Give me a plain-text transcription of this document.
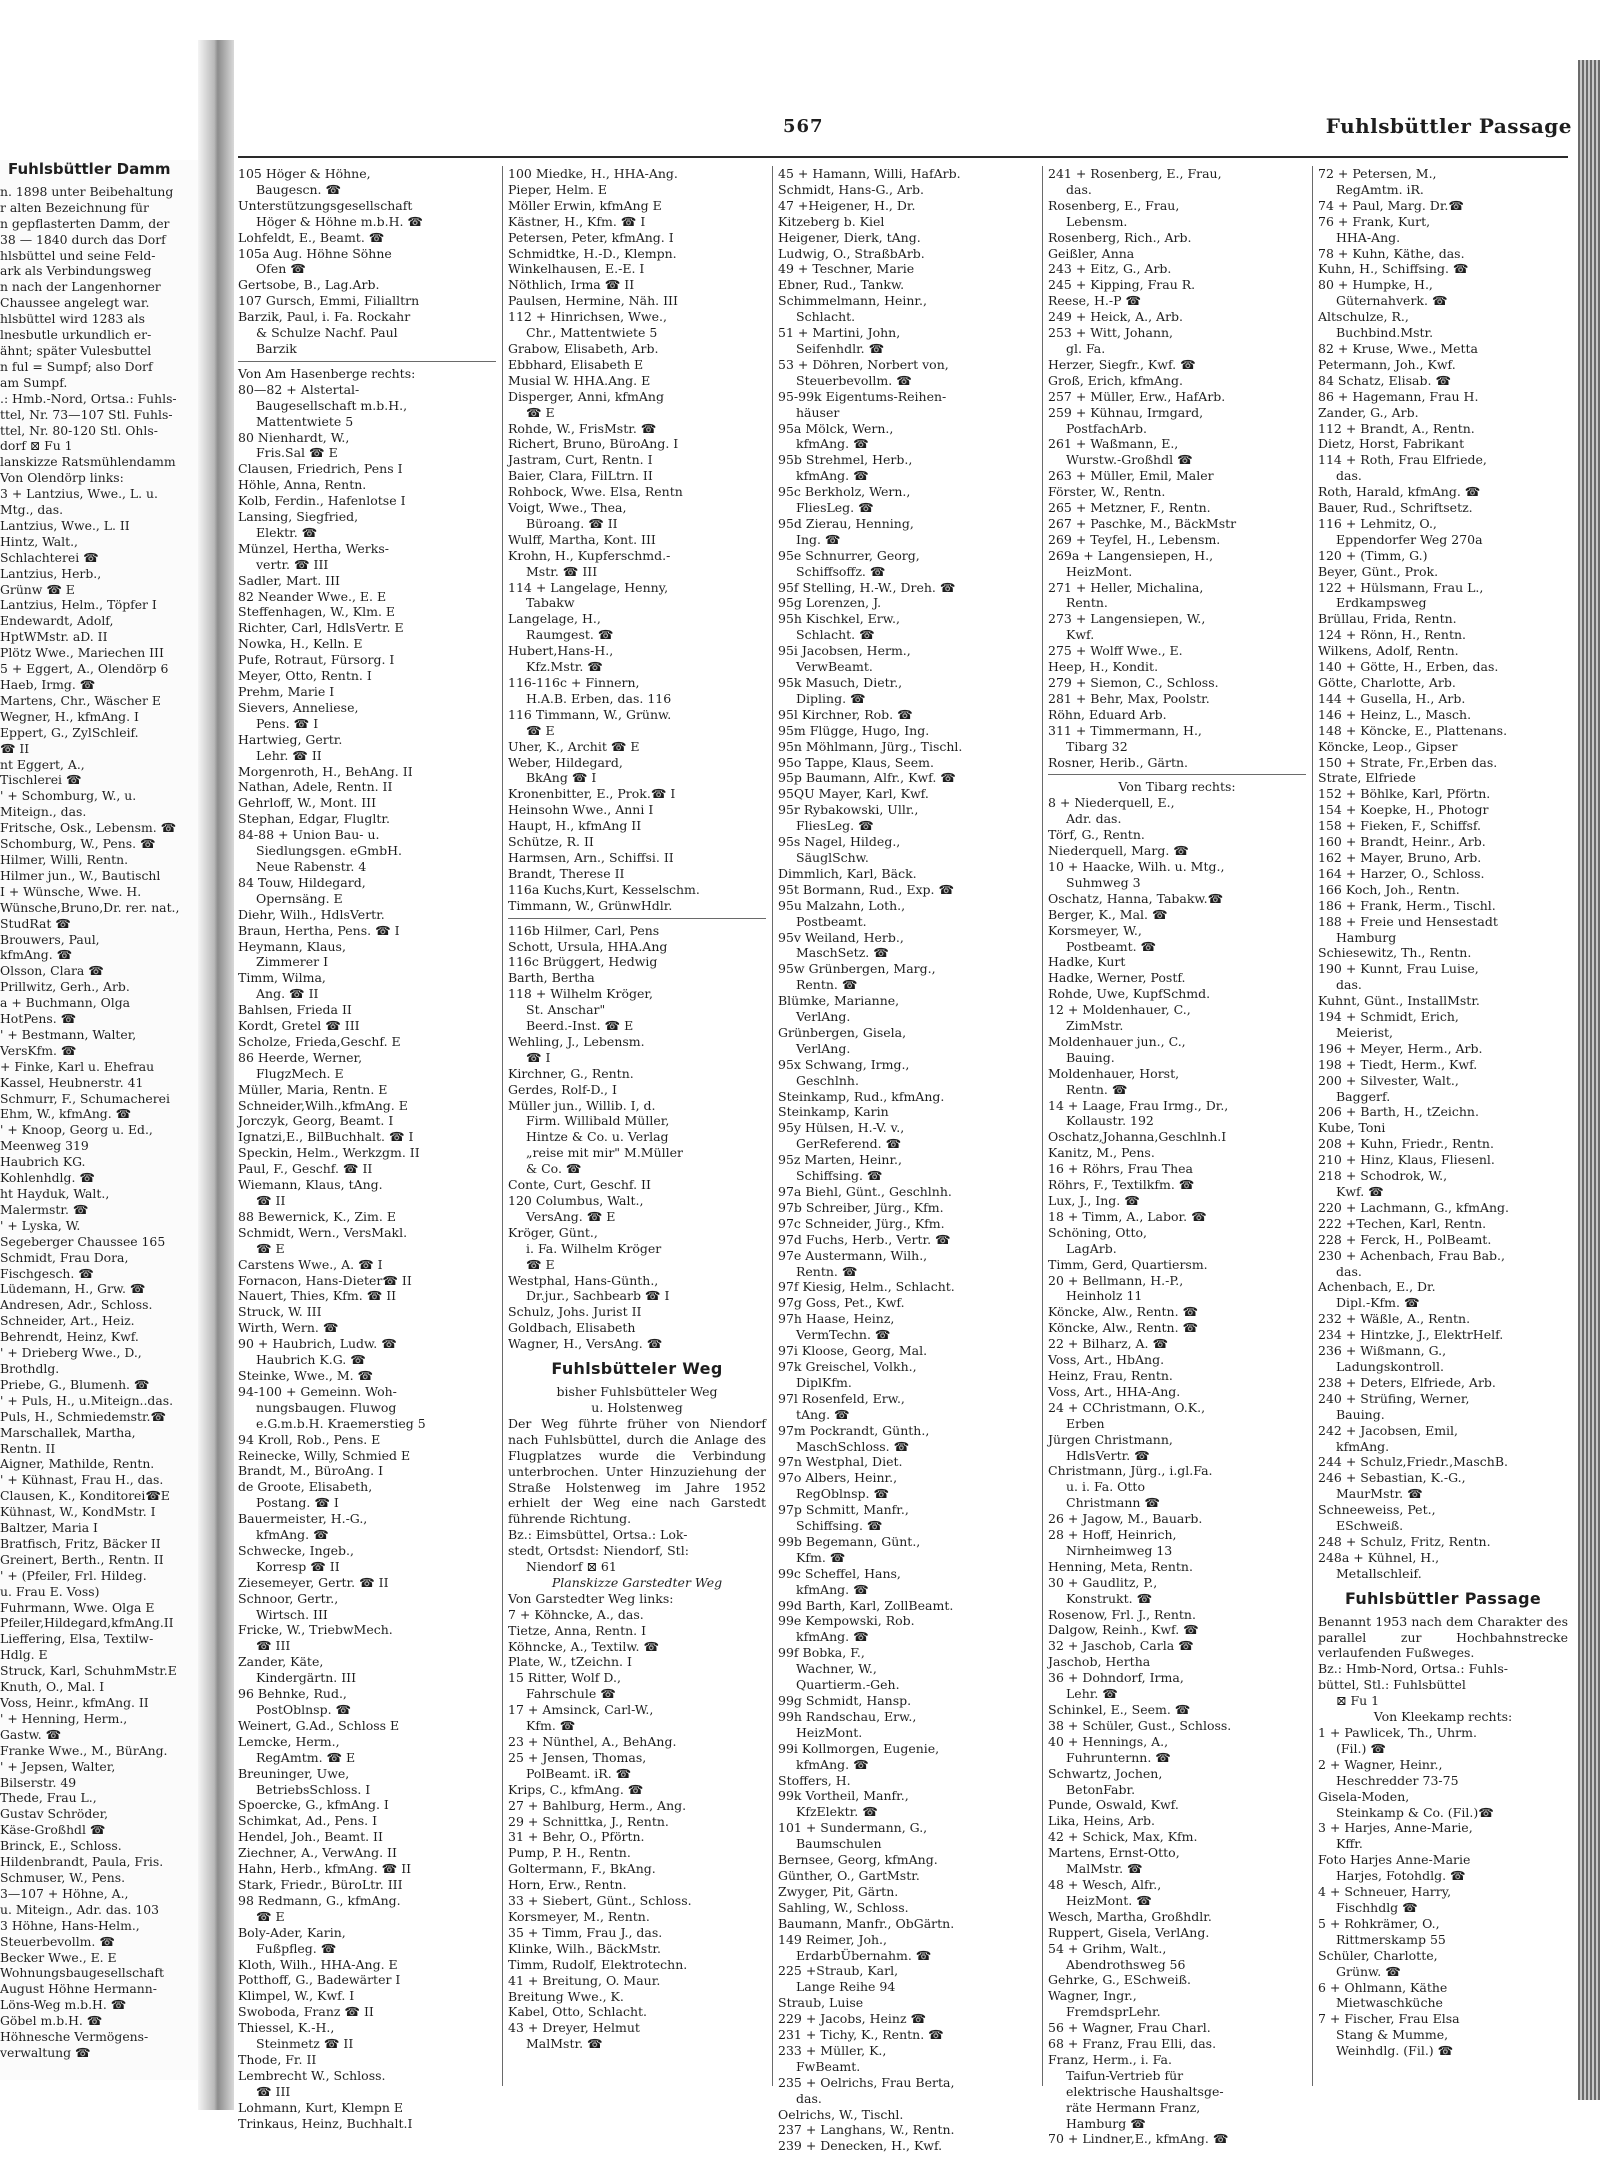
Fuhlsbüttler Damm
n. 1898 unter Beibehaltung
r alten Bezeichnung für
n gepflasterten Damm, der
38 — 1840 durch das Dorf
hlsbüttel und seine Feld-
ark als Verbindungsweg
n nach der Langenhorner
Chaussee angelegt war.
hlsbüttel wird 1283 als
lnesbutle urkundlich er-
ähnt; später Vulesbuttel
n ful = Sumpf; also Dorf
am Sumpf.
.: Hmb.-Nord, Ortsa.: Fuhls-
ttel, Nr. 73—107 Stl. Fuhls-
ttel, Nr. 80-120 Stl. Ohls-
dorf ⊠ Fu 1
lanskizze Ratsmühlendamm
Von Olendörp links:
3 + Lantzius, Wwe., L. u.
Mtg., das.
Lantzius, Wwe., L. II
Hintz, Walt.,
Schlachterei ☎
Lantzius, Herb.,
Grünw ☎ E
Lantzius, Helm., Töpfer I
Endewardt, Adolf,
HptWMstr. aD. II
Plötz Wwe., Mariechen III
5 + Eggert, A., Olendörp 6
Haeb, Irmg. ☎
Martens, Chr., Wäscher E
Wegner, H., kfmAng. I
Eppert, G., ZylSchleif.
☎ II
nt Eggert, A.,
Tischlerei ☎
' + Schomburg, W., u.
Miteign., das.
Fritsche, Osk., Lebensm. ☎
Schomburg, W., Pens. ☎
Hilmer, Willi, Rentn.
Hilmer jun., W., Bautischl
I + Wünsche, Wwe. H.
Wünsche,Bruno,Dr. rer. nat.,
StudRat ☎
Brouwers, Paul,
kfmAng. ☎
Olsson, Clara ☎
Prillwitz, Gerh., Arb.
a + Buchmann, Olga
HotPens. ☎
' + Bestmann, Walter,
VersKfm. ☎
+ Finke, Karl u. Ehefrau
Kassel, Heubnerstr. 41
Schmurr, F., Schumacherei
Ehm, W., kfmAng. ☎
' + Knoop, Georg u. Ed.,
Meenweg 319
Haubrich KG.
Kohlenhdlg. ☎
ht Hayduk, Walt.,
Malermstr. ☎
' + Lyska, W.
Segeberger Chaussee 165
Schmidt, Frau Dora,
Fischgesch. ☎
Lüdemann, H., Grw. ☎
Andresen, Adr., Schloss.
Schneider, Art., Heiz.
Behrendt, Heinz, Kwf.
' + Drieberg Wwe., D.,
Brothdlg.
Priebe, G., Blumenh. ☎
' + Puls, H., u.Miteign..das.
Puls, H., Schmiedemstr.☎
Marschallek, Martha,
Rentn. II
Aigner, Mathilde, Rentn.
' + Kühnast, Frau H., das.
Clausen, K., Konditorei☎E
Kühnast, W., KondMstr. I
Baltzer, Maria I
Bratfisch, Fritz, Bäcker II
Greinert, Berth., Rentn. II
' + (Pfeiler, Frl. Hildeg.
u. Frau E. Voss)
Fuhrmann, Wwe. Olga E
Pfeiler,Hildegard,kfmAng.II
Lieffering, Elsa, Textilw-
Hdlg. E
Struck, Karl, SchuhmMstr.E
Knuth, O., Mal. I
Voss, Heinr., kfmAng. II
' + Henning, Herm.,
Gastw. ☎
Franke Wwe., M., BürAng.
' + Jepsen, Walter,
Bilserstr. 49
Thede, Frau L.,
Gustav Schröder,
Käse-Großhdl ☎
Brinck, E., Schloss.
Hildenbrandt, Paula, Fris.
Schmuser, W., Pens.
3—107 + Höhne, A.,
u. Miteign., Adr. das. 103
3 Höhne, Hans-Helm.,
Steuerbevollm. ☎
Becker Wwe., E. E
Wohnungsbaugesellschaft
August Höhne Hermann-
Löns-Weg m.b.H. ☎
Göbel m.b.H. ☎
Höhnesche Vermögens-
verwaltung ☎
567	Fuhlsbüttler Passage
105 Höger & Höhne,
Baugescn. ☎
Unterstützungsgesellschaft
Höger & Höhne m.b.H. ☎
Lohfeldt, E., Beamt. ☎
105a Aug. Höhne Söhne
Ofen ☎
Gertsobe, B., Lag.Arb.
107 Gursch, Emmi, Filialltrn
Barzik, Paul, i. Fa. Rockahr
& Schulze Nachf. Paul
Barzik
Von Am Hasenberge rechts:
80—82 + Alstertal-
Baugesellschaft m.b.H.,
Mattentwiete 5
80 Nienhardt, W.,
Fris.Sal ☎ E
Clausen, Friedrich, Pens I
Höhle, Anna, Rentn.
Kolb, Ferdin., Hafenlotse I
Lansing, Siegfried,
Elektr. ☎
Münzel, Hertha, Werks-
vertr. ☎ III
Sadler, Mart. III
82 Neander Wwe., E. E
Steffenhagen, W., Klm. E
Richter, Carl, HdlsVertr. E
Nowka, H., Kelln. E
Pufe, Rotraut, Fürsorg. I
Meyer, Otto, Rentn. I
Prehm, Marie I
Sievers, Anneliese,
Pens. ☎ I
Hartwieg, Gertr.
Lehr. ☎ II
Morgenroth, H., BehAng. II
Nathan, Adele, Rentn. II
Gehrloff, W., Mont. III
Stephan, Edgar, Flugltr.
84-88 + Union Bau- u.
Siedlungsgen. eGmbH.
Neue Rabenstr. 4
84 Touw, Hildegard,
Opernsäng. E
Diehr, Wilh., HdlsVertr.
Braun, Hertha, Pens. ☎ I
Heymann, Klaus,
Zimmerer I
Timm, Wilma,
Ang. ☎ II
Bahlsen, Frieda II
Kordt, Gretel ☎ III
Scholze, Frieda,Geschf. E
86 Heerde, Werner,
FlugzMech. E
Müller, Maria, Rentn. E
Schneider,Wilh.,kfmAng. E
Jorczyk, Georg, Beamt. I
Ignatzi,E., BilBuchhalt. ☎ I
Speckin, Helm., Werkzgm. II
Paul, F., Geschf. ☎ II
Wiemann, Klaus, tAng.
☎ II
88 Bewernick, K., Zim. E
Schmidt, Wern., VersMakl.
☎ E
Carstens Wwe., A. ☎ I
Fornacon, Hans-Dieter☎ II
Nauert, Thies, Kfm. ☎ II
Struck, W. III
Wirth, Wern. ☎
90 + Haubrich, Ludw. ☎
Haubrich K.G. ☎
Steinke, Wwe., M. ☎
94-100 + Gemeinn. Woh-
nungsbaugen. Fluwog
e.G.m.b.H. Kraemerstieg 5
94 Kroll, Rob., Pens. E
Reinecke, Willy, Schmied E
Brandt, M., BüroAng. I
de Groote, Elisabeth,
Postang. ☎ I
Bauermeister, H.-G.,
kfmAng. ☎
Schwecke, Ingeb.,
Korresp ☎ II
Ziesemeyer, Gertr. ☎ II
Schnoor, Gertr.,
Wirtsch. III
Fricke, W., TriebwMech.
☎ III
Zander, Käte,
Kindergärtn. III
96 Behnke, Rud.,
PostOblnsp. ☎
Weinert, G.Ad., Schloss E
Lemcke, Herm.,
RegAmtm. ☎ E
Breuninger, Uwe,
BetriebsSchloss. I
Spoercke, G., kfmAng. I
Schimkat, Ad., Pens. I
Hendel, Joh., Beamt. II
Ziechner, A., VerwAng. II
Hahn, Herb., kfmAng. ☎ II
Stark, Friedr., BüroLtr. III
98 Redmann, G., kfmAng.
☎ E
Boly-Ader, Karin,
Fußpfleg. ☎
Kloth, Wilh., HHA-Ang. E
Potthoff, G., Badewärter I
Klimpel, W., Kwf. I
Swoboda, Franz ☎ II
Thiessel, K.-H.,
Steinmetz ☎ II
Thode, Fr. II
Lembrecht W., Schloss.
☎ III
Lohmann, Kurt, Klempn E
Trinkaus, Heinz, Buchhalt.I
100 Miedke, H., HHA-Ang.
Pieper, Helm. E
Möller Erwin, kfmAng E
Kästner, H., Kfm. ☎ I
Petersen, Peter, kfmAng. I
Schmidtke, H.-D., Klempn.
Winkelhausen, E.-E. I
Nöthlich, Irma ☎ II
Paulsen, Hermine, Näh. III
112 + Hinrichsen, Wwe.,
Chr., Mattentwiete 5
Grabow, Elisabeth, Arb.
Ebbhard, Elisabeth E
Musial W. HHA.Ang. E
Disperger, Anni, kfmAng
☎ E
Rohde, W., FrisMstr. ☎
Richert, Bruno, BüroAng. I
Jastram, Curt, Rentn. I
Baier, Clara, FilLtrn. II
Rohbock, Wwe. Elsa, Rentn
Voigt, Wwe., Thea,
Büroang. ☎ II
Wulff, Martha, Kont. III
Krohn, H., Kupferschmd.-
Mstr. ☎ III
114 + Langelage, Henny,
Tabakw
Langelage, H.,
Raumgest. ☎
Hubert,Hans-H.,
Kfz.Mstr. ☎
116-116c + Finnern,
H.A.B. Erben, das. 116
116 Timmann, W., Grünw.
☎ E
Uher, K., Archit ☎ E
Weber, Hildegard,
BkAng ☎ I
Kronenbitter, E., Prok.☎ I
Heinsohn Wwe., Anni I
Haupt, H., kfmAng II
Schütze, R. II
Harmsen, Arn., Schiffsi. II
Brandt, Therese II
116a Kuchs,Kurt, Kesselschm.
Timmann, W., GrünwHdlr.
116b Hilmer, Carl, Pens
Schott, Ursula, HHA.Ang
116c Brüggert, Hedwig
Barth, Bertha
118 + Wilhelm Kröger,
St. Anschar"
Beerd.-Inst. ☎ E
Wehling, J., Lebensm.
☎ I
Kirchner, G., Rentn.
Gerdes, Rolf-D., I
Müller jun., Willib. I, d.
Firm. Willibald Müller,
Hintze & Co. u. Verlag
„reise mit mir" M.Müller
& Co. ☎
Conte, Curt, Geschf. II
120 Columbus, Walt.,
VersAng. ☎ E
Kröger, Günt.,
i. Fa. Wilhelm Kröger
☎ E
Westphal, Hans-Günth.,
Dr.jur., Sachbearb ☎ I
Schulz, Johs. Jurist II
Goldbach, Elisabeth
Wagner, H., VersAng. ☎
Fuhlsbütteler Weg
bisher Fuhlsbütteler Weg
u. Holstenweg
Der Weg führte früher von Niendorf nach Fuhlsbüttel, durch die Anlage des Flugplatzes wurde die Verbindung unterbrochen. Unter Hinzuziehung der Straße Holstenweg im Jahre 1952 erhielt der Weg eine nach Garstedt führende Richtung.
Bz.: Eimsbüttel, Ortsa.: Lok-
stedt, Ortsdst: Niendorf, Stl:
Niendorf ⊠ 61
Planskizze Garstedter Weg
Von Garstedter Weg links:
7 + Köhncke, A., das.
Tietze, Anna, Rentn. I
Köhncke, A., Textilw. ☎
Plate, W., tZeichn. I
15 Ritter, Wolf D.,
Fahrschule ☎
17 + Amsinck, Carl-W.,
Kfm. ☎
23 + Nünthel, A., BehAng.
25 + Jensen, Thomas,
PolBeamt. iR. ☎
Krips, C., kfmAng. ☎
27 + Bahlburg, Herm., Ang.
29 + Schnittka, J., Rentn.
31 + Behr, O., Pförtn.
Pump, P. H., Rentn.
Goltermann, F., BkAng.
Horn, Erw., Rentn.
33 + Siebert, Günt., Schloss.
Korsmeyer, M., Rentn.
35 + Timm, Frau J., das.
Klinke, Wilh., BäckMstr.
Timm, Rudolf, Elektrotechn.
41 + Breitung, O. Maur.
Breitung Wwe., K.
Kabel, Otto, Schlacht.
43 + Dreyer, Helmut
MalMstr. ☎
45 + Hamann, Willi, HafArb.
Schmidt, Hans-G., Arb.
47 +Heigener, H., Dr.
Kitzeberg b. Kiel
Heigener, Dierk, tAng.
Ludwig, O., StraßbArb.
49 + Teschner, Marie
Ebner, Rud., Tankw.
Schimmelmann, Heinr.,
Schlacht.
51 + Martini, John,
Seifenhdlr. ☎
53 + Döhren, Norbert von,
Steuerbevollm. ☎
95-99k Eigentums-Reihen-
häuser
95a Mölck, Wern.,
kfmAng. ☎
95b Strehmel, Herb.,
kfmAng. ☎
95c Berkholz, Wern.,
FliesLeg. ☎
95d Zierau, Henning,
Ing. ☎
95e Schnurrer, Georg,
Schiffsoffz. ☎
95f Stelling, H.-W., Dreh. ☎
95g Lorenzen, J.
95h Kischkel, Erw.,
Schlacht. ☎
95i Jacobsen, Herm.,
VerwBeamt.
95k Masuch, Dietr.,
Dipling. ☎
95l Kirchner, Rob. ☎
95m Flügge, Hugo, Ing.
95n Möhlmann, Jürg., Tischl.
95o Tappe, Klaus, Seem.
95p Baumann, Alfr., Kwf. ☎
95QU Mayer, Karl, Kwf.
95r Rybakowski, Ullr.,
FliesLeg. ☎
95s Nagel, Hildeg.,
SäuglSchw.
Dimmlich, Karl, Bäck.
95t Bormann, Rud., Exp. ☎
95u Malzahn, Loth.,
Postbeamt.
95v Weiland, Herb.,
MaschSetz. ☎
95w Grünbergen, Marg.,
Rentn. ☎
Blümke, Marianne,
VerlAng.
Grünbergen, Gisela,
VerlAng.
95x Schwang, Irmg.,
Geschlnh.
Steinkamp, Rud., kfmAng.
Steinkamp, Karin
95y Hülsen, H.-V. v.,
GerReferend. ☎
95z Marten, Heinr.,
Schiffsing. ☎
97a Biehl, Günt., Geschlnh.
97b Schreiber, Jürg., Kfm.
97c Schneider, Jürg., Kfm.
97d Fuchs, Herb., Vertr. ☎
97e Austermann, Wilh.,
Rentn. ☎
97f Kiesig, Helm., Schlacht.
97g Goss, Pet., Kwf.
97h Haase, Heinz,
VermTechn. ☎
97i Kloose, Georg, Mal.
97k Greischel, Volkh.,
DiplKfm.
97l Rosenfeld, Erw.,
tAng. ☎
97m Pockrandt, Günth.,
MaschSchloss. ☎
97n Westphal, Diet.
97o Albers, Heinr.,
RegOblnsp. ☎
97p Schmitt, Manfr.,
Schiffsing. ☎
99b Begemann, Günt.,
Kfm. ☎
99c Scheffel, Hans,
kfmAng. ☎
99d Barth, Karl, ZollBeamt.
99e Kempowski, Rob.
kfmAng. ☎
99f Bobka, F.,
Wachner, W.,
Quartierm.-Geh.
99g Schmidt, Hansp.
99h Randschau, Erw.,
HeizMont.
99i Kollmorgen, Eugenie,
kfmAng. ☎
Stoffers, H.
99k Vortheil, Manfr.,
KfzElektr. ☎
101 + Sundermann, G.,
Baumschulen
Bernsee, Georg, kfmAng.
Günther, O., GartMstr.
Zwyger, Pit, Gärtn.
Sahling, W., Schloss.
Baumann, Manfr., ObGärtn.
149 Reimer, Joh.,
ErdarbÜbernahm. ☎
225 +Straub, Karl,
Lange Reihe 94
Straub, Luise
229 + Jacobs, Heinz ☎
231 + Tichy, K., Rentn. ☎
233 + Müller, K.,
FwBeamt.
235 + Oelrichs, Frau Berta,
das.
Oelrichs, W., Tischl.
237 + Langhans, W., Rentn.
239 + Denecken, H., Kwf.
241 + Rosenberg, E., Frau,
das.
Rosenberg, E., Frau,
Lebensm.
Rosenberg, Rich., Arb.
Geißler, Anna
243 + Eitz, G., Arb.
245 + Kipping, Frau R.
Reese, H.-P ☎
249 + Heick, A., Arb.
253 + Witt, Johann,
gl. Fa.
Herzer, Siegfr., Kwf. ☎
Groß, Erich, kfmAng.
257 + Müller, Erw., HafArb.
259 + Kühnau, Irmgard,
PostfachArb.
261 + Waßmann, E.,
Wurstw.-Großhdl ☎
263 + Müller, Emil, Maler
Förster, W., Rentn.
265 + Metzner, F., Rentn.
267 + Paschke, M., BäckMstr
269 + Teyfel, H., Lebensm.
269a + Langensiepen, H.,
HeizMont.
271 + Heller, Michalina,
Rentn.
273 + Langensiepen, W.,
Kwf.
275 + Wolff Wwe., E.
Heep, H., Kondit.
279 + Siemon, C., Schloss.
281 + Behr, Max, Poolstr.
Röhn, Eduard Arb.
311 + Timmermann, H.,
Tibarg 32
Rosner, Herib., Gärtn.
Von Tibarg rechts:
8 + Niederquell, E.,
Adr. das.
Törf, G., Rentn.
Niederquell, Marg. ☎
10 + Haacke, Wilh. u. Mtg.,
Suhmweg 3
Oschatz, Hanna, Tabakw.☎
Berger, K., Mal. ☎
Korsmeyer, W.,
Postbeamt. ☎
Hadke, Kurt
Hadke, Werner, Postf.
Rohde, Uwe, KupfSchmd.
12 + Moldenhauer, C.,
ZimMstr.
Moldenhauer jun., C.,
Bauing.
Moldenhauer, Horst,
Rentn. ☎
14 + Laage, Frau Irmg., Dr.,
Kollaustr. 192
Oschatz,Johanna,Geschlnh.I
Kanitz, M., Pens.
16 + Röhrs, Frau Thea
Röhrs, F., Textilkfm. ☎
Lux, J., Ing. ☎
18 + Timm, A., Labor. ☎
Schöning, Otto,
LagArb.
Timm, Gerd, Quartiersm.
20 + Bellmann, H.-P.,
Heinholz 11
Köncke, Alw., Rentn. ☎
Köncke, Alw., Rentn. ☎
22 + Bilharz, A. ☎
Voss, Art., HbAng.
Heinz, Frau, Rentn.
Voss, Art., HHA-Ang.
24 + CChristmann, O.K.,
Erben
Jürgen Christmann,
HdlsVertr. ☎
Christmann, Jürg., i.gl.Fa.
u. i. Fa. Otto
Christmann ☎
26 + Jagow, M., Bauarb.
28 + Hoff, Heinrich,
Nirnheimweg 13
Henning, Meta, Rentn.
30 + Gaudlitz, P.,
Konstrukt. ☎
Rosenow, Frl. J., Rentn.
Dalgow, Reinh., Kwf. ☎
32 + Jaschob, Carla ☎
Jaschob, Hertha
36 + Dohndorf, Irma,
Lehr. ☎
Schinkel, E., Seem. ☎
38 + Schüler, Gust., Schloss.
40 + Hennings, A.,
Fuhrunternn. ☎
Schwartz, Jochen,
BetonFabr.
Punde, Oswald, Kwf.
Lika, Heins, Arb.
42 + Schick, Max, Kfm.
Martens, Ernst-Otto,
MalMstr. ☎
48 + Wesch, Alfr.,
HeizMont. ☎
Wesch, Martha, Großhdlr.
Ruppert, Gisela, VerlAng.
54 + Grihm, Walt.,
Abendrothsweg 56
Gehrke, G., ESchweiß.
Wagner, Ingr.,
FremdsprLehr.
56 + Wagner, Frau Charl.
68 + Franz, Frau Elli, das.
Franz, Herm., i. Fa.
Taifun-Vertrieb für
elektrische Haushaltsge-
räte Hermann Franz,
Hamburg ☎
70 + Lindner,E., kfmAng. ☎
72 + Petersen, M.,
RegAmtm. iR.
74 + Paul, Marg. Dr.☎
76 + Frank, Kurt,
HHA-Ang.
78 + Kuhn, Käthe, das.
Kuhn, H., Schiffsing. ☎
80 + Humpke, H.,
Güternahverk. ☎
Altschulze, R.,
Buchbind.Mstr.
82 + Kruse, Wwe., Metta
Petermann, Joh., Kwf.
84 Schatz, Elisab. ☎
86 + Hagemann, Frau H.
Zander, G., Arb.
112 + Brandt, A., Rentn.
Dietz, Horst, Fabrikant
114 + Roth, Frau Elfriede,
das.
Roth, Harald, kfmAng. ☎
Bauer, Rud., Schriftsetz.
116 + Lehmitz, O.,
Eppendorfer Weg 270a
120 + (Timm, G.)
Beyer, Günt., Prok.
122 + Hülsmann, Frau L.,
Erdkampsweg
Brüllau, Frida, Rentn.
124 + Rönn, H., Rentn.
Wilkens, Adolf, Rentn.
140 + Götte, H., Erben, das.
Götte, Charlotte, Arb.
144 + Gusella, H., Arb.
146 + Heinz, L., Masch.
148 + Köncke, E., Plattenans.
Köncke, Leop., Gipser
150 + Strate, Fr.,Erben das.
Strate, Elfriede
152 + Böhlke, Karl, Pförtn.
154 + Koepke, H., Photogr
158 + Fieken, F., Schiffsf.
160 + Brandt, Heinr., Arb.
162 + Mayer, Bruno, Arb.
164 + Harzer, O., Schloss.
166 Koch, Joh., Rentn.
186 + Frank, Herm., Tischl.
188 + Freie und Hensestadt
Hamburg
Schiesewitz, Th., Rentn.
190 + Kunnt, Frau Luise,
das.
Kuhnt, Günt., InstallMstr.
194 + Schmidt, Erich,
Meierist,
196 + Meyer, Herm., Arb.
198 + Tiedt, Herm., Kwf.
200 + Silvester, Walt.,
Baggerf.
206 + Barth, H., tZeichn.
Kube, Toni
208 + Kuhn, Friedr., Rentn.
210 + Hinz, Klaus, Fliesenl.
218 + Schodrok, W.,
Kwf. ☎
220 + Lachmann, G., kfmAng.
222 +Techen, Karl, Rentn.
228 + Ferck, H., PolBeamt.
230 + Achenbach, Frau Bab.,
das.
Achenbach, E., Dr.
Dipl.-Kfm. ☎
232 + Wäßle, A., Rentn.
234 + Hintzke, J., ElektrHelf.
236 + Wißmann, G.,
Ladungskontroll.
238 + Deters, Elfriede, Arb.
240 + Strüfing, Werner,
Bauing.
242 + Jacobsen, Emil,
kfmAng.
244 + Schulz,Friedr.,MaschB.
246 + Sebastian, K.-G.,
MaurMstr. ☎
Schneeweiss, Pet.,
ESchweiß.
248 + Schulz, Fritz, Rentn.
248a + Kühnel, H.,
Metallschleif.
Fuhlsbüttler Passage
Benannt 1953 nach dem Charakter des parallel zur Hochbahnstrecke verlaufenden Fußweges.
Bz.: Hmb-Nord, Ortsa.: Fuhls-
büttel, Stl.: Fuhlsbüttel
⊠ Fu 1
Von Kleekamp rechts:
1 + Pawlicek, Th., Uhrm.
(Fil.) ☎
2 + Wagner, Heinr.,
Heschredder 73-75
Gisela-Moden,
Steinkamp & Co. (Fil.)☎
3 + Harjes, Anne-Marie,
Kffr.
Foto Harjes Anne-Marie
Harjes, Fotohdlg. ☎
4 + Schneuer, Harry,
Fischhdlg ☎
5 + Rohkrämer, O.,
Rittmerskamp 55
Schüler, Charlotte,
Grünw. ☎
6 + Ohlmann, Käthe
Mietwaschküche
7 + Fischer, Frau Elsa
Stang & Mumme,
Weinhdlg. (Fil.) ☎
